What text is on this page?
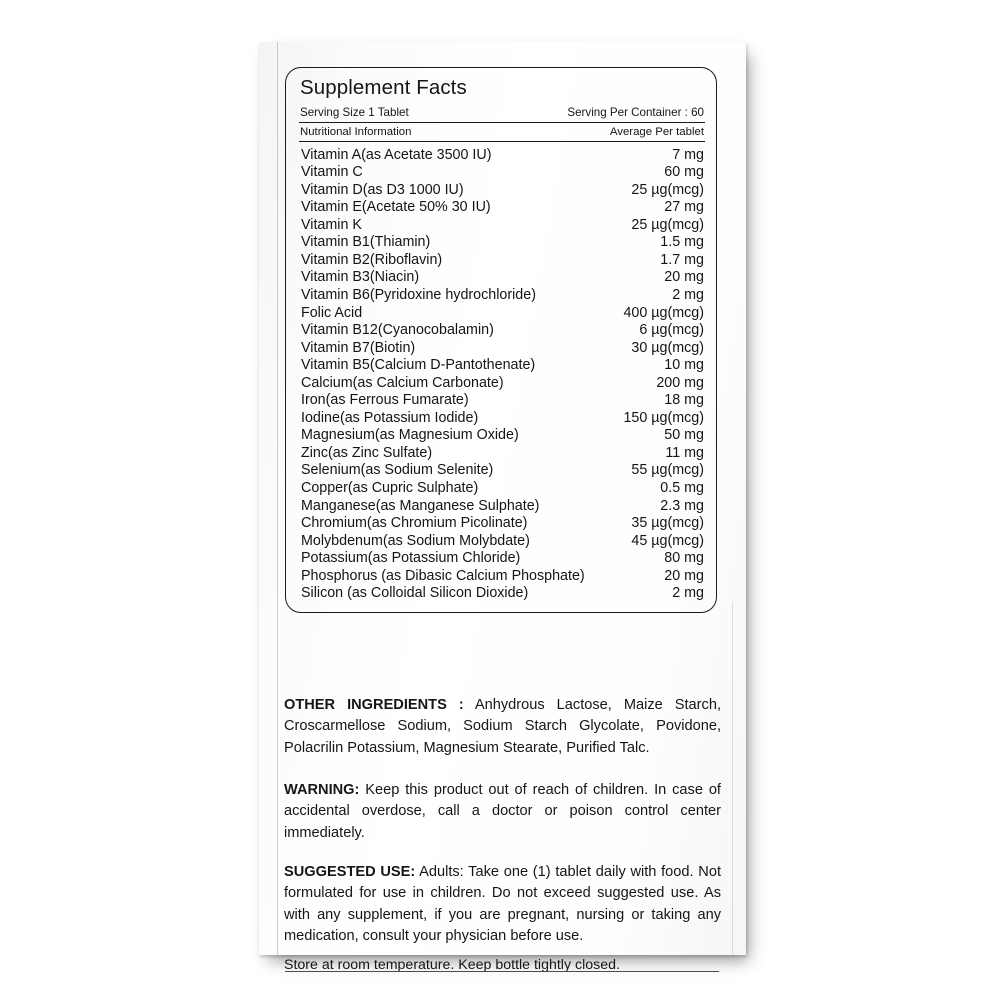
Supplement Facts
Serving Size 1 Tablet	Serving Per Container : 60
Nutritional Information	Average Per tablet
Vitamin A(as Acetate 3500 IU)	7 mg
Vitamin C	60 mg
Vitamin D(as D3 1000 IU)	25 µg(mcg)
Vitamin E(Acetate 50% 30 IU)	27 mg
Vitamin K	25 µg(mcg)
Vitamin B1(Thiamin)	1.5 mg
Vitamin B2(Riboflavin)	1.7 mg
Vitamin B3(Niacin)	20 mg
Vitamin B6(Pyridoxine hydrochloride)	2 mg
Folic Acid	400 µg(mcg)
Vitamin B12(Cyanocobalamin)	6 µg(mcg)
Vitamin B7(Biotin)	30 µg(mcg)
Vitamin B5(Calcium D-Pantothenate)	10 mg
Calcium(as Calcium Carbonate)	200 mg
Iron(as Ferrous Fumarate)	18 mg
Iodine(as Potassium Iodide)	150 µg(mcg)
Magnesium(as Magnesium Oxide)	50 mg
Zinc(as Zinc Sulfate)	11 mg
Selenium(as Sodium Selenite)	55 µg(mcg)
Copper(as Cupric Sulphate)	0.5 mg
Manganese(as Manganese Sulphate)	2.3 mg
Chromium(as Chromium Picolinate)	35 µg(mcg)
Molybdenum(as Sodium Molybdate)	45 µg(mcg)
Potassium(as Potassium Chloride)	80 mg
Phosphorus (as Dibasic Calcium Phosphate)	20 mg
Silicon (as Colloidal Silicon Dioxide)	2 mg

OTHER INGREDIENTS : Anhydrous Lactose, Maize Starch, Croscarmellose Sodium, Sodium Starch Glycolate, Povidone, Polacrilin Potassium, Magnesium Stearate, Purified Talc.

WARNING: Keep this product out of reach of children. In case of accidental overdose, call a doctor or poison control center immediately.

SUGGESTED USE: Adults: Take one (1) tablet daily with food. Not formulated for use in children. Do not exceed suggested use. As with any supplement, if you are pregnant, nursing or taking any medication, consult your physician before use.

Store at room temperature. Keep bottle tightly closed.
